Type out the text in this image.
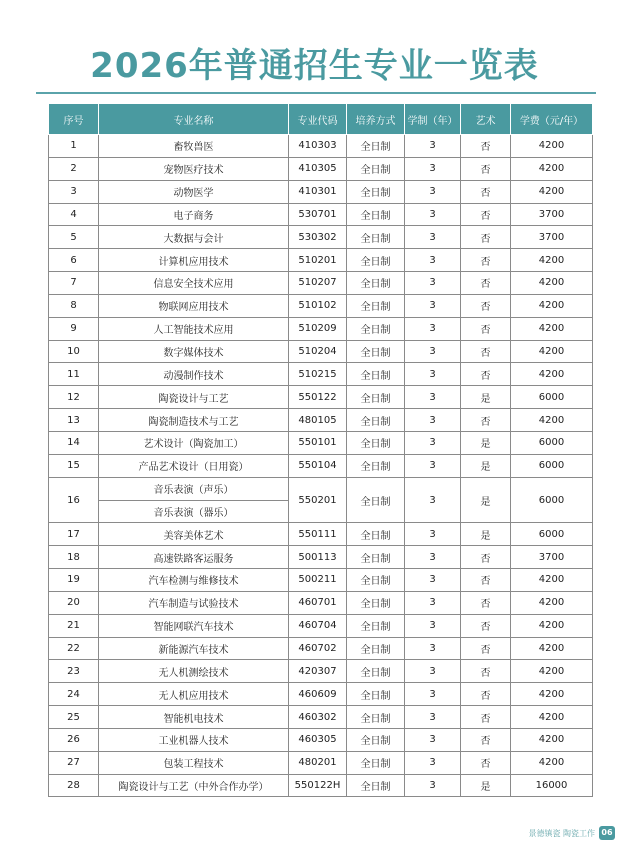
2026年普通招生专业一览表
序号	专业名称	专业代码	培养方式	学制（年）	艺术	学费（元/年）
1	畜牧兽医	410303	全日制	3	否	4200
2	宠物医疗技术	410305	全日制	3	否	4200
3	动物医学	410301	全日制	3	否	4200
4	电子商务	530701	全日制	3	否	3700
5	大数据与会计	530302	全日制	3	否	3700
6	计算机应用技术	510201	全日制	3	否	4200
7	信息安全技术应用	510207	全日制	3	否	4200
8	物联网应用技术	510102	全日制	3	否	4200
9	人工智能技术应用	510209	全日制	3	否	4200
10	数字媒体技术	510204	全日制	3	否	4200
11	动漫制作技术	510215	全日制	3	否	4200
12	陶瓷设计与工艺	550122	全日制	3	是	6000
13	陶瓷制造技术与工艺	480105	全日制	3	否	4200
14	艺术设计（陶瓷加工）	550101	全日制	3	是	6000
15	产品艺术设计（日用瓷）	550104	全日制	3	是	6000
16	音乐表演（声乐）	550201	全日制	3	是	6000
	音乐表演（器乐）					
17	美容美体艺术	550111	全日制	3	是	6000
18	高速铁路客运服务	500113	全日制	3	否	3700
19	汽车检测与维修技术	500211	全日制	3	否	4200
20	汽车制造与试验技术	460701	全日制	3	否	4200
21	智能网联汽车技术	460704	全日制	3	否	4200
22	新能源汽车技术	460702	全日制	3	否	4200
23	无人机测绘技术	420307	全日制	3	否	4200
24	无人机应用技术	460609	全日制	3	否	4200
25	智能机电技术	460302	全日制	3	否	4200
26	工业机器人技术	460305	全日制	3	否	4200
27	包装工程技术	480201	全日制	3	否	4200
28	陶瓷设计与工艺（中外合作办学）	550122H	全日制	3	是	16000
景德镇瓷 陶瓷工作 06
